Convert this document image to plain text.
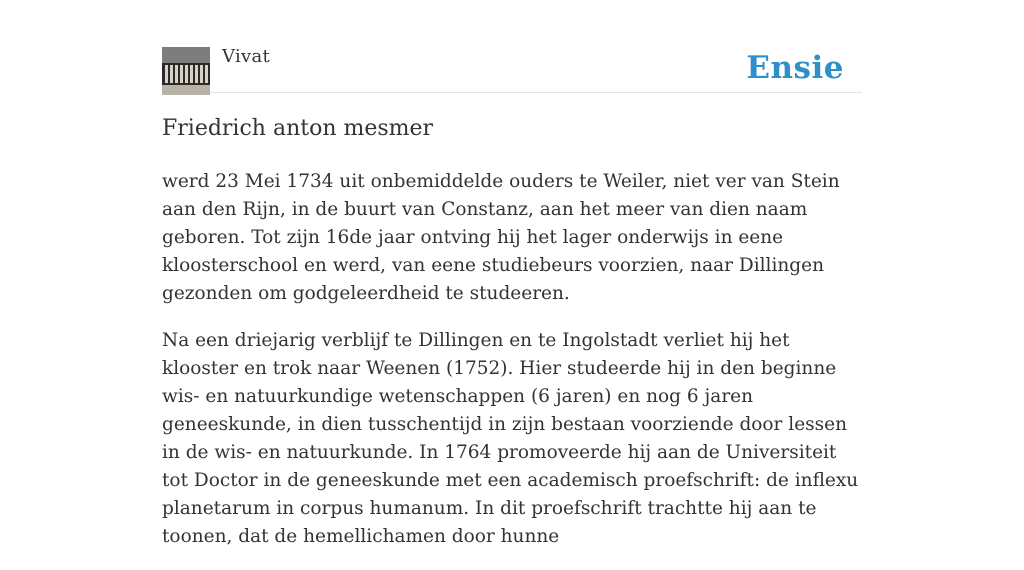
Vivat	Ensie
Friedrich anton mesmer

werd 23 Mei 1734 uit onbemiddelde ouders te Weiler, niet ver van Stein aan den Rijn, in de buurt van Constanz, aan het meer van dien naam geboren. Tot zijn 16de jaar ontving hij het lager onderwijs in eene kloosterschool en werd, van eene studiebeurs voorzien, naar Dillingen gezonden om godgeleerdheid te studeeren.

Na een driejarig verblijf te Dillingen en te Ingolstadt verliet hij het klooster en trok naar Weenen (1752). Hier studeerde hij in den beginne wis- en natuurkundige wetenschappen (6 jaren) en nog 6 jaren geneeskunde, in dien tusschentijd in zijn bestaan voorziende door lessen in de wis- en natuurkunde. In 1764 promoveerde hij aan de Universiteit tot Doctor in de geneeskunde met een academisch proefschrift: de inflexu planetarum in corpus humanum. In dit proefschrift trachtte hij aan te toonen, dat de hemellichamen door hunne
